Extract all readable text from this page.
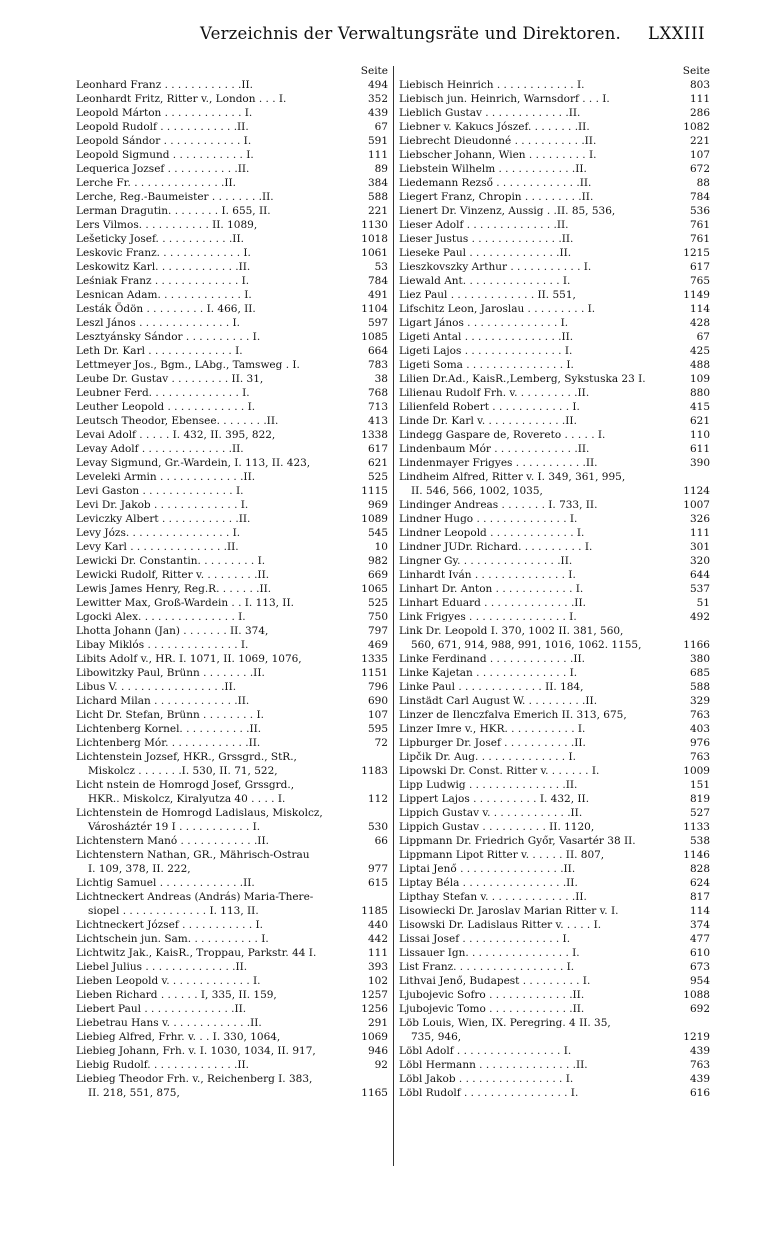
Verzeichnis der Verwaltungsräte und Direktoren. LXXIII
Seite
Leonhard Franz . . . . . . . . . . . .II.	494
Leonhardt Fritz, Ritter v., London . . . I.	352
Leopold Márton . . . . . . . . . . . . I.	439
Leopold Rudolf . . . . . . . . . . . .II.	67
Leopold Sándor . . . . . . . . . . . . I.	591
Leopold Sigmund . . . . . . . . . . . I.	111
Lequerica Jozsef . . . . . . . . . . .II.	89
Lerche Fr. . . . . . . . . . . . . . .II.	384
Lerche, Reg.-Baumeister . . . . . . . .II.	588
Lerman Dragutin. . . . . . . . I. 655, II.	221
Lers Vilmos. . . . . . . . . . . II. 1089,	1130
Lešeticky Josef. . . . . . . . . . . .II.	1018
Leskovic Franz. . . . . . . . . . . . . I.	1061
Leskowitz Karl. . . . . . . . . . . . .II.	53
Leśniak Franz . . . . . . . . . . . . . I.	784
Lesnican Adam. . . . . . . . . . . . . I.	491
Lesták Ödön . . . . . . . . . I. 466, II.	1104
Leszl János . . . . . . . . . . . . . . I.	597
Lesztyánsky Sándor . . . . . . . . . . I.	1085
Leth Dr. Karl . . . . . . . . . . . . . I.	664
Lettmeyer Jos., Bgm., LAbg., Tamsweg . I.	783
Leube Dr. Gustav . . . . . . . . . II. 31,	38
Leubner Ferd. . . . . . . . . . . . . . I.	768
Leuther Leopold . . . . . . . . . . . . I.	713
Leutsch Theodor, Ebensee. . . . . . . .II.	413
Levai Adolf . . . . . I. 432, II. 395, 822,	1338
Levay Adolf . . . . . . . . . . . . . .II.	617
Levay Sigmund, Gr.-Wardein, I. 113, II. 423,	621
Leveleki Armin . . . . . . . . . . . . .II.	525
Levi Gaston . . . . . . . . . . . . . . I.	1115
Levi Dr. Jakob . . . . . . . . . . . . . I.	969
Leviczky Albert . . . . . . . . . . . .II.	1089
Levy Józs. . . . . . . . . . . . . . . . I.	545
Levy Karl . . . . . . . . . . . . . . .II.	10
Lewicki Dr. Constantin. . . . . . . . . I.	982
Lewicki Rudolf, Ritter v. . . . . . . . .II.	669
Lewis James Henry, Reg.R. . . . . . .II.	1065
Lewitter Max, Groß-Wardein . . I. 113, II.	525
Lgocki Alex. . . . . . . . . . . . . . . I.	750
Lhotta Johann (Jan) . . . . . . . II. 374,	797
Libay Miklós . . . . . . . . . . . . . . I.	469
Libits Adolf v., HR. I. 1071, II. 1069, 1076,	1335
Libowitzky Paul, Brünn . . . . . . . .II.	1151
Libus V. . . . . . . . . . . . . . . . .II.	796
Lichard Milan . . . . . . . . . . . . .II.	690
Licht Dr. Stefan, Brünn . . . . . . . . I.	107
Lichtenberg Kornel. . . . . . . . . . .II.	595
Lichtenberg Mór. . . . . . . . . . . . .II.	72
Lichtenstein Jozsef, HKR., Grssgrd., StR.,
Miskolcz . . . . . . .I. 530, II. 71, 522,	1183
Licht nstein de Homrogd Josef, Grssgrd.,
HKR.. Miskolcz, Kiralyutza 40 . . . . I.	112
Lichtenstein de Homrogd Ladislaus, Miskolcz,
Városháztér 19 I . . . . . . . . . . . I.	530
Lichtenstern Manó . . . . . . . . . . . .II.	66
Lichtenstern Nathan, GR., Mährisch-Ostrau
I. 109, 378, II. 222,	977
Lichtig Samuel . . . . . . . . . . . . .II.	615
Lichtneckert Andreas (András) Maria-There-
siopel . . . . . . . . . . . . . I. 113, II.	1185
Lichtneckert József . . . . . . . . . . . I.	440
Lichtschein jun. Sam. . . . . . . . . . . I.	442
Lichtwitz Jak., KaisR., Troppau, Parkstr. 44 I.	111
Liebel Julius . . . . . . . . . . . . . .II.	393
Lieben Leopold v. . . . . . . . . . . . . I.	102
Lieben Richard . . . . . . I, 335, II. 159,	1257
Liebert Paul . . . . . . . . . . . . . .II.	1256
Liebetrau Hans v. . . . . . . . . . . . .II.	291
Liebieg Alfred, Frhr. v. . . I. 330, 1064,	1069
Liebieg Johann, Frh. v. I. 1030, 1034, II. 917,	946
Liebig Rudolf. . . . . . . . . . . . . .II.	92
Liebieg Theodor Frh. v., Reichenberg I. 383,
II. 218, 551, 875,	1165
Seite
Liebisch Heinrich . . . . . . . . . . . . I.	803
Liebisch jun. Heinrich, Warnsdorf . . . I.	111
Lieblich Gustav . . . . . . . . . . . . .II.	286
Liebner v. Kakucs Jószef. . . . . . . .II.	1082
Liebrecht Dieudonné . . . . . . . . . . .II.	221
Liebscher Johann, Wien . . . . . . . . . I.	107
Liebstein Wilhelm . . . . . . . . . . . .II.	672
Liedemann Rezső . . . . . . . . . . . . .II.	88
Liegert Franz, Chropin . . . . . . . . .II.	784
Lienert Dr. Vinzenz, Aussig . .II. 85, 536,	536
Lieser Adolf . . . . . . . . . . . . . .II.	761
Lieser Justus . . . . . . . . . . . . . .II.	761
Lieseke Paul . . . . . . . . . . . . . .II.	1215
Lieszkovszky Arthur . . . . . . . . . . . I.	617
Liewald Ant. . . . . . . . . . . . . . . I.	765
Liez Paul . . . . . . . . . . . . . II. 551,	1149
Lifschitz Leon, Jaroslau . . . . . . . . . I.	114
Ligart János . . . . . . . . . . . . . . I.	428
Ligeti Antal . . . . . . . . . . . . . . .II.	67
Ligeti Lajos . . . . . . . . . . . . . . . I.	425
Ligeti Soma . . . . . . . . . . . . . . . I.	488
Lilien Dr.Ad., KaisR.,Lemberg, Sykstuska 23 I.	109
Lilienau Rudolf Frh. v. . . . . . . . . .II.	880
Lilienfeld Robert . . . . . . . . . . . . I.	415
Linde Dr. Karl v. . . . . . . . . . . . .II.	621
Lindegg Gaspare de, Rovereto . . . . . I.	110
Lindenbaum Mór . . . . . . . . . . . . .II.	611
Lindenmayer Frigyes . . . . . . . . . . .II.	390
Lindheim Alfred, Ritter v. I. 349, 361, 995,
II. 546, 566, 1002, 1035,	1124
Lindinger Andreas . . . . . . . I. 733, II.	1007
Lindner Hugo . . . . . . . . . . . . . . I.	326
Lindner Leopold . . . . . . . . . . . . . I.	111
Lindner JUDr. Richard. . . . . . . . . . I.	301
Lingner Gy. . . . . . . . . . . . . . . .II.	320
Linhardt Iván . . . . . . . . . . . . . . I.	644
Linhart Dr. Anton . . . . . . . . . . . . I.	537
Linhart Eduard . . . . . . . . . . . . . .II.	51
Link Frigyes . . . . . . . . . . . . . . . I.	492
Link Dr. Leopold I. 370, 1002 II. 381, 560,
560, 671, 914, 988, 991, 1016, 1062. 1155,	1166
Linke Ferdinand . . . . . . . . . . . . .II.	380
Linke Kajetan . . . . . . . . . . . . . . I.	685
Linke Paul . . . . . . . . . . . . . II. 184,	588
Linstädt Carl August W. . . . . . . . . .II.	329
Linzer de Ilenczfalva Emerich II. 313, 675,	763
Linzer Imre v., HKR. . . . . . . . . . . I.	403
Lipburger Dr. Josef . . . . . . . . . . .II.	976
Lipčik Dr. Aug. . . . . . . . . . . . . . I.	763
Lipowski Dr. Const. Ritter v. . . . . . . I.	1009
Lipp Ludwig . . . . . . . . . . . . . . .II.	151
Lippert Lajos . . . . . . . . . . I. 432, II.	819
Lippich Gustav v. . . . . . . . . . . . .II.	527
Lippich Gustav . . . . . . . . . . II. 1120,	1133
Lippmann Dr. Friedrich Győr, Vasartér 38 II.	538
Lippmann Lipot Ritter v. . . . . . II. 807,	1146
Liptai Jenő . . . . . . . . . . . . . . . .II.	828
Liptay Béla . . . . . . . . . . . . . . . .II.	624
Lipthay Stefan v. . . . . . . . . . . . . .II.	817
Lisowiecki Dr. Jaroslav Marian Ritter v. I.	114
Lisowski Dr. Ladislaus Ritter v. . . . . I.	374
Lissai Josef . . . . . . . . . . . . . . . I.	477
Lissauer Ign. . . . . . . . . . . . . . . . I.	610
List Franz. . . . . . . . . . . . . . . . . I.	673
Lithvai Jenő, Budapest . . . . . . . . . I.	954
Ljubojevic Sofro . . . . . . . . . . . . .II.	1088
Ljubojevic Tomo . . . . . . . . . . . . .II.	692
Löb Louis, Wien, IX. Peregring. 4 II. 35,
735, 946,	1219
Löbl Adolf . . . . . . . . . . . . . . . . I.	439
Löbl Hermann . . . . . . . . . . . . . . .II.	763
Löbl Jakob . . . . . . . . . . . . . . . . I.	439
Löbl Rudolf . . . . . . . . . . . . . . . . I.	616
